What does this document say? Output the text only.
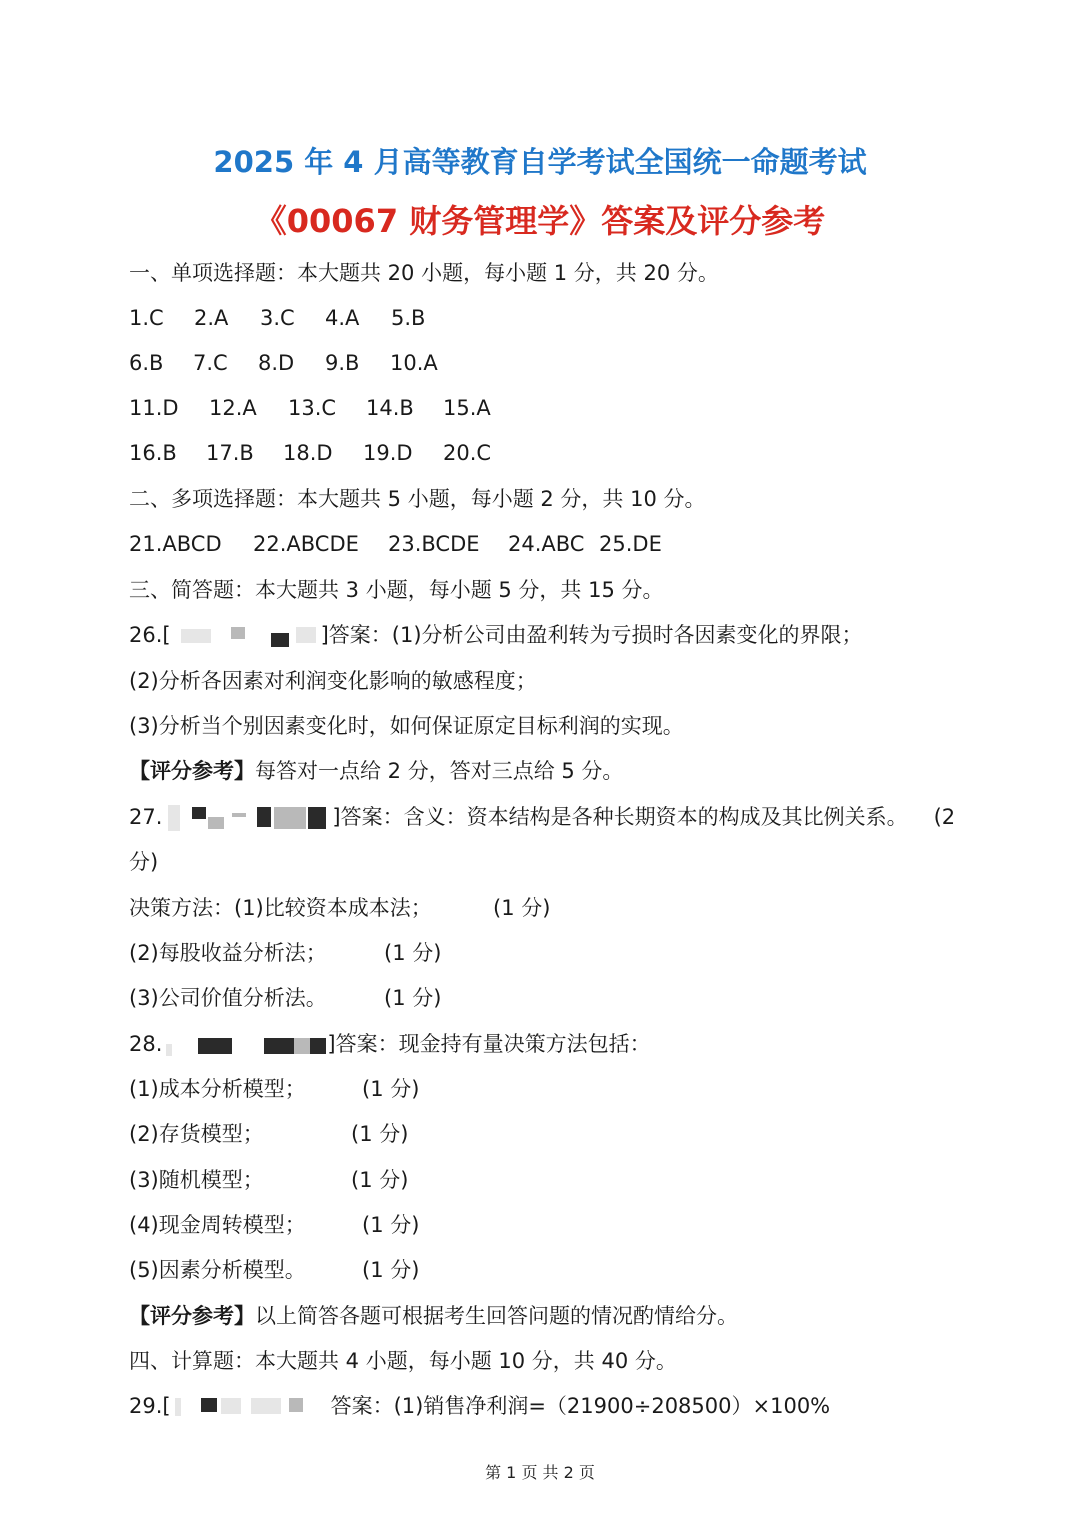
2025 年 4 月高等教育自学考试全国统一命题考试
《00067 财务管理学》答案及评分参考
一、单项选择题：本大题共 20 小题，每小题 1 分，共 20 分。
1.C 2.A 3.C 4.A 5.B
6.B 7.C 8.D 9.B 10.A
11.D 12.A 13.C 14.B 15.A
16.B 17.B 18.D 19.D 20.C
二、多项选择题：本大题共 5 小题，每小题 2 分，共 10 分。
21.ABCD 22.ABCDE 23.BCDE 24.ABC 25.DE
三、简答题：本大题共 3 小题，每小题 5 分，共 15 分。
26.[	]答案：(1)分析公司由盈利转为亏损时各因素变化的界限；
(2)分析各因素对利润变化影响的敏感程度；
(3)分析当个别因素变化时，如何保证原定目标利润的实现。
【评分参考】每答对一点给 2 分，答对三点给 5 分。
27.	]答案：含义：资本结构是各种长期资本的构成及其比例关系。 (2
分)
决策方法：(1)比较资本成本法；	(1 分)
(2)每股收益分析法；	(1 分)
(3)公司价值分析法。	(1 分)
28.	]答案：现金持有量决策方法包括：
(1)成本分析模型；	(1 分)
(2)存货模型；	(1 分)
(3)随机模型；	(1 分)
(4)现金周转模型；	(1 分)
(5)因素分析模型。	(1 分)
【评分参考】以上简答各题可根据考生回答问题的情况酌情给分。
四、计算题：本大题共 4 小题，每小题 10 分，共 40 分。
29.[	答案：(1)销售净利润=（21900÷208500）×100%
第 1 页 共 2 页
